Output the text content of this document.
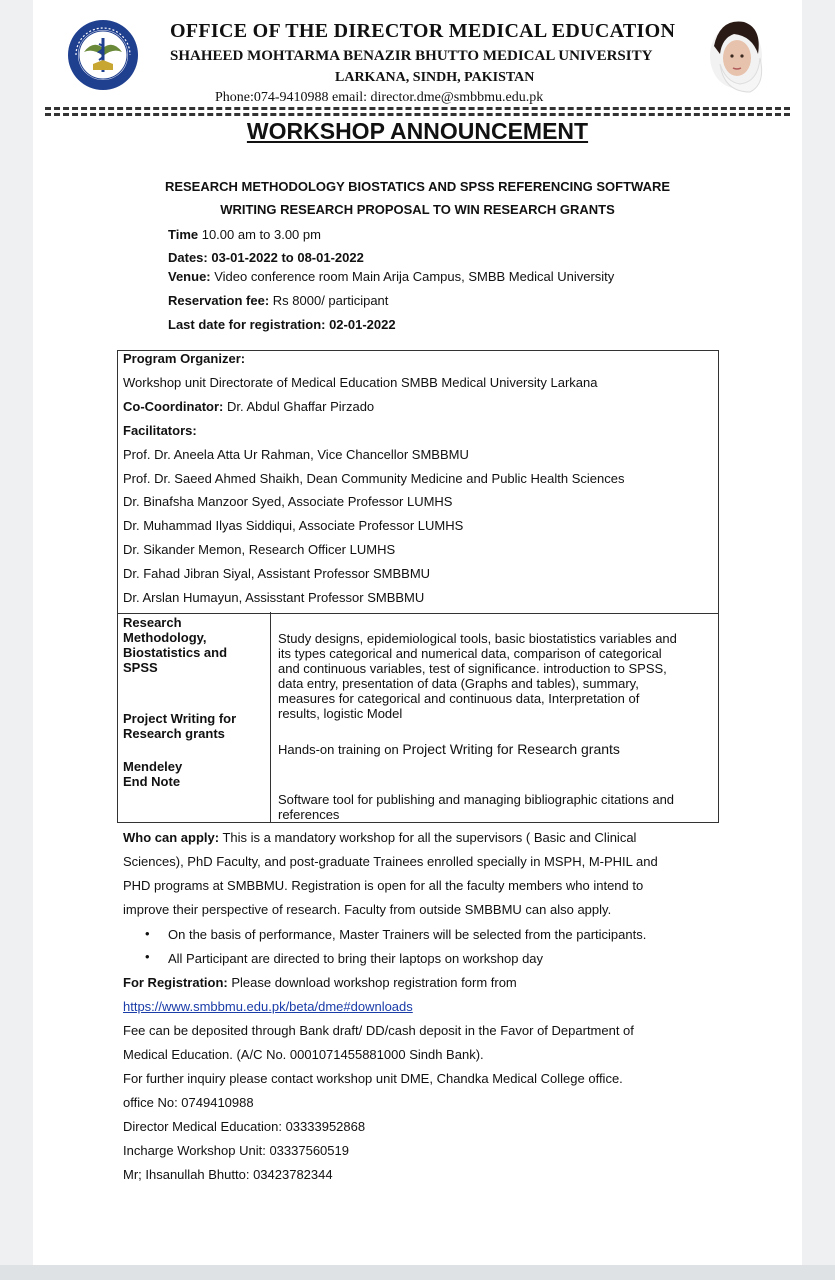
OFFICE OF THE DIRECTOR MEDICAL EDUCATION
SHAHEED MOHTARMA BENAZIR BHUTTO MEDICAL UNIVERSITY
LARKANA, SINDH, PAKISTAN
Phone:074-9410988 email: director.dme@smbbmu.edu.pk
WORKSHOP ANNOUNCEMENT
RESEARCH METHODOLOGY BIOSTATICS AND SPSS REFERENCING SOFTWARE
WRITING RESEARCH PROPOSAL TO WIN RESEARCH GRANTS
Time 10.00 am to 3.00 pm
Dates: 03-01-2022 to 08-01-2022
Venue: Video conference room Main Arija Campus, SMBB Medical University
Reservation fee: Rs 8000/ participant
Last date for registration: 02-01-2022
Program Organizer:
Workshop unit Directorate of Medical Education SMBB Medical University Larkana
Co-Coordinator: Dr. Abdul Ghaffar Pirzado
Facilitators:
Prof. Dr. Aneela Atta Ur Rahman, Vice Chancellor SMBBMU
Prof. Dr. Saeed Ahmed Shaikh, Dean Community Medicine and Public Health Sciences
Dr. Binafsha Manzoor Syed, Associate Professor LUMHS
Dr. Muhammad Ilyas Siddiqui, Associate Professor LUMHS
Dr. Sikander Memon, Research Officer LUMHS
Dr. Fahad Jibran Siyal, Assistant Professor SMBBMU
Dr. Arslan Humayun, Assisstant Professor SMBBMU
Research
Methodology,
Biostatistics and
SPSS
Study designs, epidemiological tools, basic biostatistics variables and
its types categorical and numerical data, comparison of categorical
and continuous variables, test of significance. introduction to SPSS,
data entry, presentation of data (Graphs and tables), summary,
measures for categorical and continuous data, Interpretation of
results, logistic Model
Project Writing for
Research grants
Hands-on training on Project Writing for Research grants
Mendeley
End Note
Software tool for publishing and managing bibliographic citations and
references
Who can apply: This is a mandatory workshop for all the supervisors ( Basic and Clinical
Sciences), PhD Faculty, and post-graduate Trainees enrolled specially in MSPH, M-PHIL and
PHD programs at SMBBMU. Registration is open for all the faculty members who intend to
improve their perspective of research. Faculty from outside SMBBMU can also apply.
• On the basis of performance, Master Trainers will be selected from the participants.
• All Participant are directed to bring their laptops on workshop day
For Registration: Please download workshop registration form from
https://www.smbbmu.edu.pk/beta/dme#downloads
Fee can be deposited through Bank draft/ DD/cash deposit in the Favor of Department of
Medical Education. (A/C No. 0001071455881000 Sindh Bank).
For further inquiry please contact workshop unit DME, Chandka Medical College office.
office No: 0749410988
Director Medical Education: 03333952868
Incharge Workshop Unit: 03337560519
Mr; Ihsanullah Bhutto: 03423782344
